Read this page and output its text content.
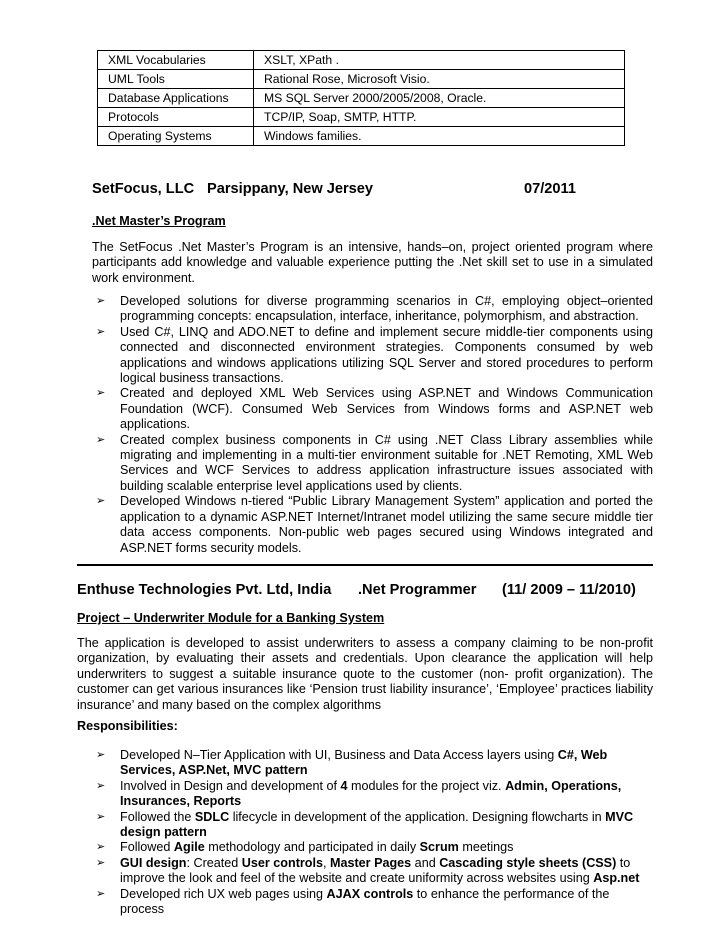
XML Vocabularies	XSLT, XPath .
UML Tools	Rational Rose, Microsoft Visio.
Database Applications	MS SQL Server 2000/2005/2008, Oracle.
Protocols	TCP/IP, Soap, SMTP, HTTP.
Operating Systems	Windows families.
SetFocus, LLC Parsippany, New Jersey	07/2011
.Net Master’s Program
The SetFocus .Net Master’s Program is an intensive, hands–on, project oriented program where participants add knowledge and valuable experience putting the .Net skill set to use in a simulated work environment.
➢ Developed solutions for diverse programming scenarios in C#, employing object–oriented programming concepts: encapsulation, interface, inheritance, polymorphism, and abstraction.
➢ Used C#, LINQ and ADO.NET to define and implement secure middle-tier components using connected and disconnected environment strategies. Components consumed by web applications and windows applications utilizing SQL Server and stored procedures to perform logical business transactions.
➢ Created and deployed XML Web Services using ASP.NET and Windows Communication Foundation (WCF). Consumed Web Services from Windows forms and ASP.NET web applications.
➢ Created complex business components in C# using .NET Class Library assemblies while migrating and implementing in a multi-tier environment suitable for .NET Remoting, XML Web Services and WCF Services to address application infrastructure issues associated with building scalable enterprise level applications used by clients.
➢ Developed Windows n-tiered “Public Library Management System” application and ported the application to a dynamic ASP.NET Internet/Intranet model utilizing the same secure middle tier data access components. Non-public web pages secured using Windows integrated and ASP.NET forms security models.
Enthuse Technologies Pvt. Ltd, India .Net Programmer (11/ 2009 – 11/2010)
Project – Underwriter Module for a Banking System
The application is developed to assist underwriters to assess a company claiming to be non-profit organization, by evaluating their assets and credentials. Upon clearance the application will help underwriters to suggest a suitable insurance quote to the customer (non- profit organization). The customer can get various insurances like ‘Pension trust liability insurance’, ‘Employee’ practices liability insurance’ and many based on the complex algorithms
Responsibilities:
➢ Developed N–Tier Application with UI, Business and Data Access layers using C#, Web Services, ASP.Net, MVC pattern
➢ Involved in Design and development of 4 modules for the project viz. Admin, Operations, Insurances, Reports
➢ Followed the SDLC lifecycle in development of the application. Designing flowcharts in MVC design pattern
➢ Followed Agile methodology and participated in daily Scrum meetings
➢ GUI design: Created User controls, Master Pages and Cascading style sheets (CSS) to improve the look and feel of the website and create uniformity across websites using Asp.net
➢ Developed rich UX web pages using AJAX controls to enhance the performance of the process
